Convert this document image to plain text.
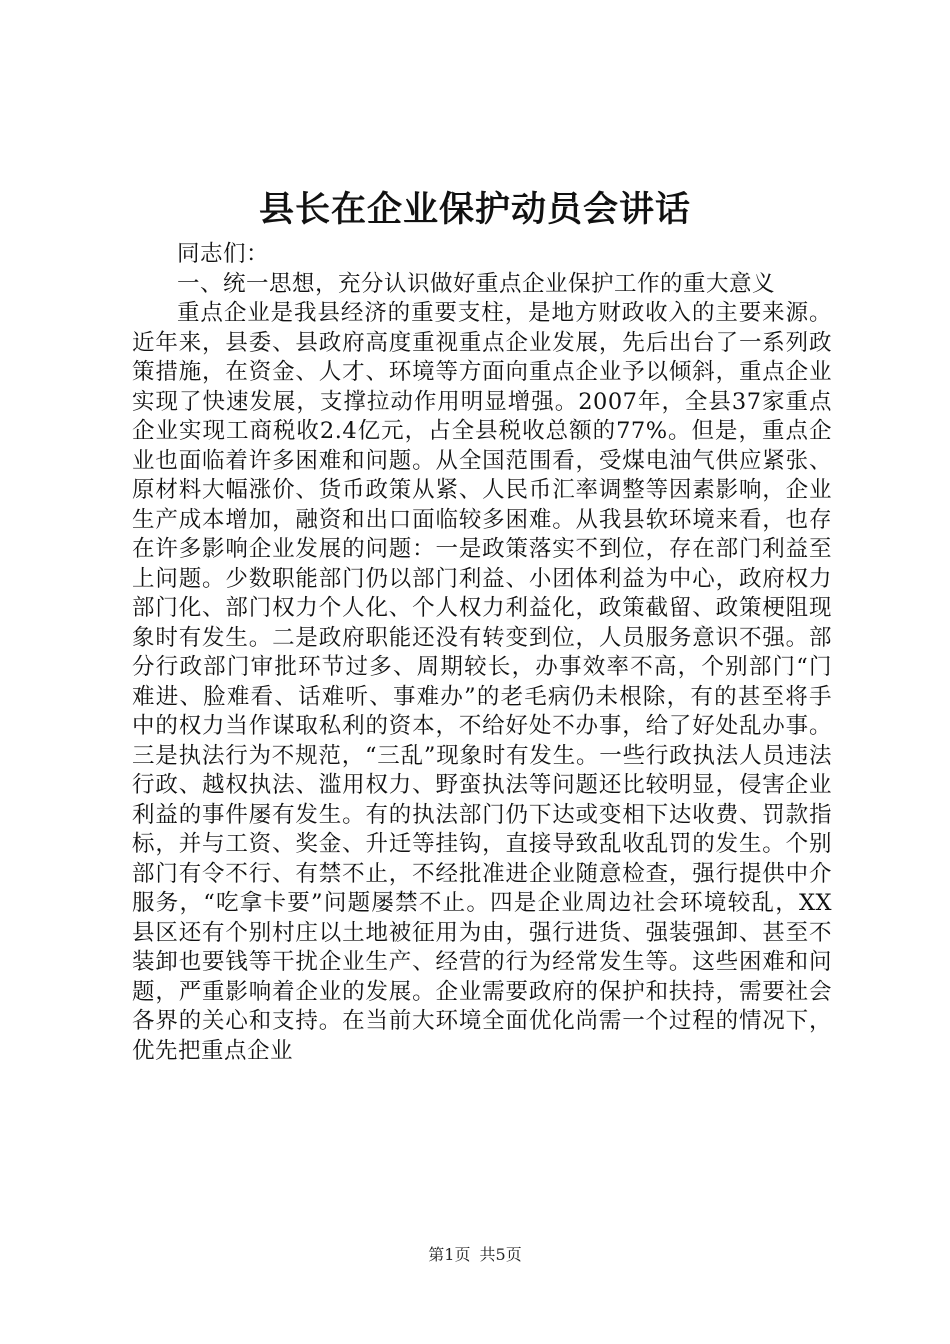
县长在企业保护动员会讲话

同志们：

一、统一思想，充分认识做好重点企业保护工作的重大意义

重点企业是我县经济的重要支柱，是地方财政收入的主要来源。近年来，县委、县政府高度重视重点企业发展，先后出台了一系列政策措施，在资金、人才、环境等方面向重点企业予以倾斜，重点企业实现了快速发展，支撑拉动作用明显增强。2007年，全县37家重点企业实现工商税收2.4亿元，占全县税收总额的77%。但是，重点企业也面临着许多困难和问题。从全国范围看，受煤电油气供应紧张、原材料大幅涨价、货币政策从紧、人民币汇率调整等因素影响，企业生产成本增加，融资和出口面临较多困难。从我县软环境来看，也存在许多影响企业发展的问题：一是政策落实不到位，存在部门利益至上问题。少数职能部门仍以部门利益、小团体利益为中心，政府权力部门化、部门权力个人化、个人权力利益化，政策截留、政策梗阻现象时有发生。二是政府职能还没有转变到位，人员服务意识不强。部分行政部门审批环节过多、周期较长，办事效率不高，个别部门“门难进、脸难看、话难听、事难办”的老毛病仍未根除，有的甚至将手中的权力当作谋取私利的资本，不给好处不办事，给了好处乱办事。三是执法行为不规范，“三乱”现象时有发生。一些行政执法人员违法行政、越权执法、滥用权力、野蛮执法等问题还比较明显，侵害企业利益的事件屡有发生。有的执法部门仍下达或变相下达收费、罚款指标，并与工资、奖金、升迁等挂钩，直接导致乱收乱罚的发生。个别部门有令不行、有禁不止，不经批准进企业随意检查，强行提供中介服务，“吃拿卡要”问题屡禁不止。四是企业周边社会环境较乱，XX县区还有个别村庄以土地被征用为由，强行进货、强装强卸、甚至不装卸也要钱等干扰企业生产、经营的行为经常发生等。这些困难和问题，严重影响着企业的发展。企业需要政府的保护和扶持，需要社会各界的关心和支持。在当前大环境全面优化尚需一个过程的情况下，优先把重点企业

第1页 共5页
